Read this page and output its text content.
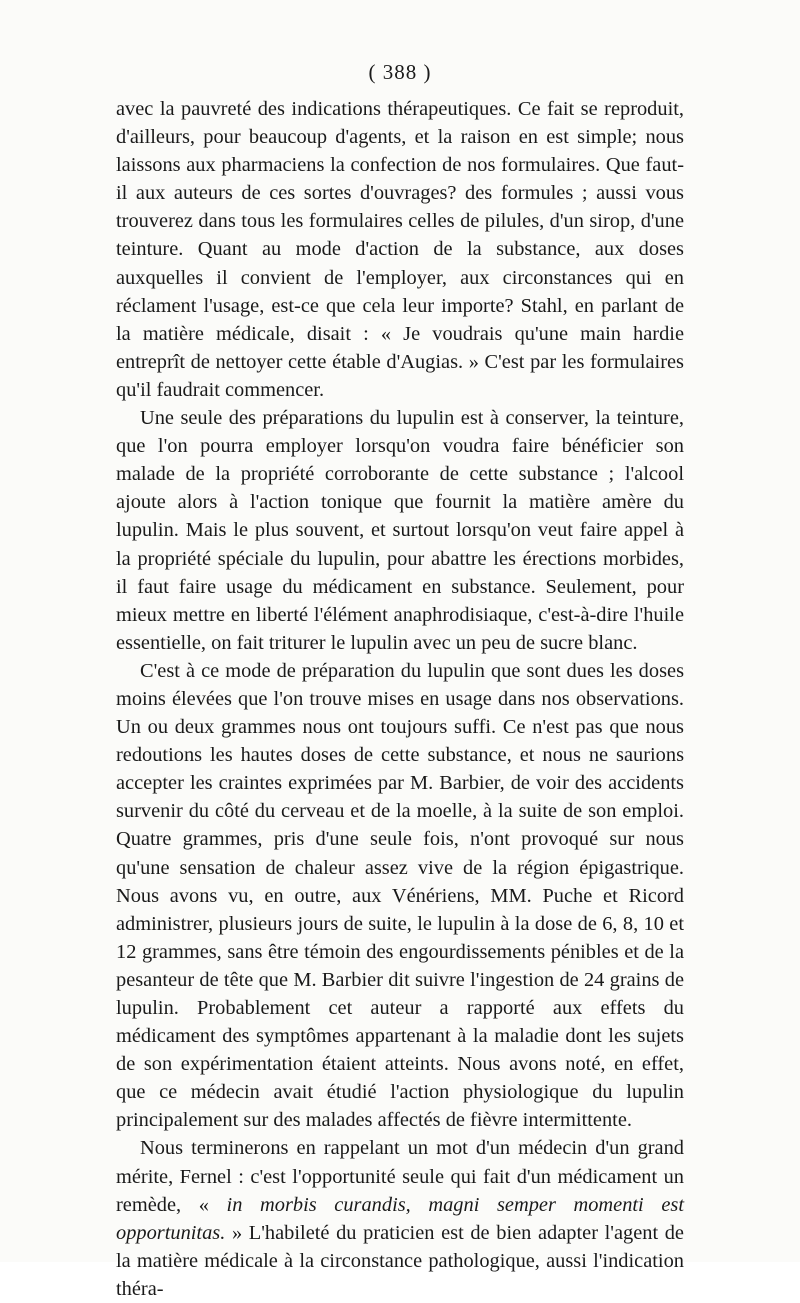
( 388 )

avec la pauvreté des indications thérapeutiques. Ce fait se reproduit, d'ailleurs, pour beaucoup d'agents, et la raison en est simple; nous laissons aux pharmaciens la confection de nos formulaires. Que faut-il aux auteurs de ces sortes d'ouvrages? des formules ; aussi vous trouverez dans tous les formulaires celles de pilules, d'un sirop, d'une teinture. Quant au mode d'action de la substance, aux doses auxquelles il convient de l'employer, aux circonstances qui en réclament l'usage, est-ce que cela leur importe? Stahl, en parlant de la matière médicale, disait : « Je voudrais qu'une main hardie entreprît de nettoyer cette étable d'Augias. » C'est par les formulaires qu'il faudrait commencer.

Une seule des préparations du lupulin est à conserver, la teinture, que l'on pourra employer lorsqu'on voudra faire bénéficier son malade de la propriété corroborante de cette substance ; l'alcool ajoute alors à l'action tonique que fournit la matière amère du lupulin. Mais le plus souvent, et surtout lorsqu'on veut faire appel à la propriété spéciale du lupulin, pour abattre les érections morbides, il faut faire usage du médicament en substance. Seulement, pour mieux mettre en liberté l'élément anaphrodisiaque, c'est-à-dire l'huile essentielle, on fait triturer le lupulin avec un peu de sucre blanc.

C'est à ce mode de préparation du lupulin que sont dues les doses moins élevées que l'on trouve mises en usage dans nos observations. Un ou deux grammes nous ont toujours suffi. Ce n'est pas que nous redoutions les hautes doses de cette substance, et nous ne saurions accepter les craintes exprimées par M. Barbier, de voir des accidents survenir du côté du cerveau et de la moelle, à la suite de son emploi. Quatre grammes, pris d'une seule fois, n'ont provoqué sur nous qu'une sensation de chaleur assez vive de la région épigastrique. Nous avons vu, en outre, aux Vénériens, MM. Puche et Ricord administrer, plusieurs jours de suite, le lupulin à la dose de 6, 8, 10 et 12 grammes, sans être témoin des engourdissements pénibles et de la pesanteur de tête que M. Barbier dit suivre l'ingestion de 24 grains de lupulin. Probablement cet auteur a rapporté aux effets du médicament des symptômes appartenant à la maladie dont les sujets de son expérimentation étaient atteints. Nous avons noté, en effet, que ce médecin avait étudié l'action physiologique du lupulin principalement sur des malades affectés de fièvre intermittente.

Nous terminerons en rappelant un mot d'un médecin d'un grand mérite, Fernel : c'est l'opportunité seule qui fait d'un médicament un remède, « in morbis curandis, magni semper momenti est opportunitas. » L'habileté du praticien est de bien adapter l'agent de la matière médicale à la circonstance pathologique, aussi l'indication théra-
